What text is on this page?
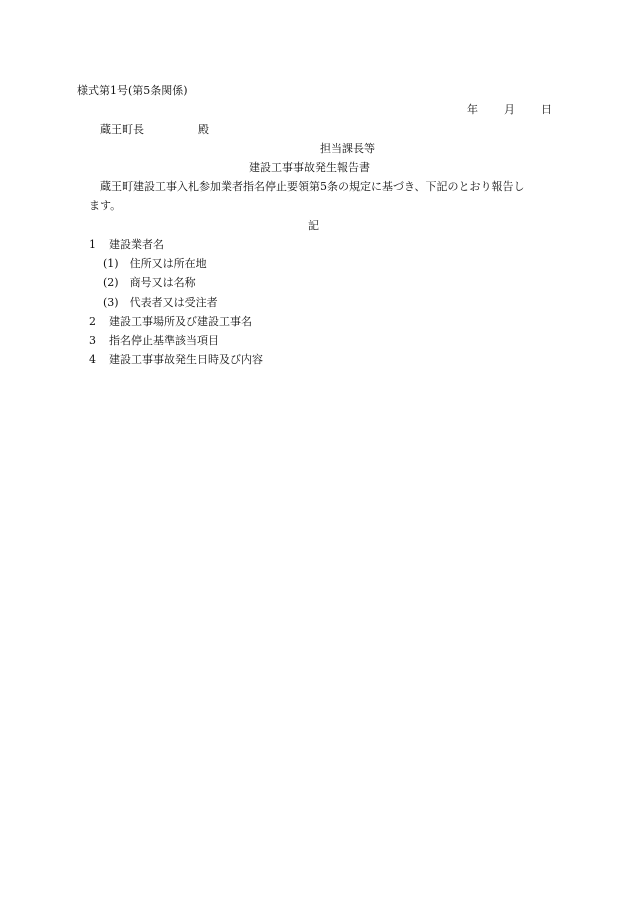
様式第1号(第5条関係)
年 月 日
蔵王町長	殿
担当課長等
建設工事事故発生報告書
蔵王町建設工事入札参加業者指名停止要領第5条の規定に基づき、下記のとおり報告し
ます。
記
1 建設業者名
(1) 住所又は所在地
(2) 商号又は名称
(3) 代表者又は受注者
2 建設工事場所及び建設工事名
3 指名停止基準該当項目
4 建設工事事故発生日時及び内容
